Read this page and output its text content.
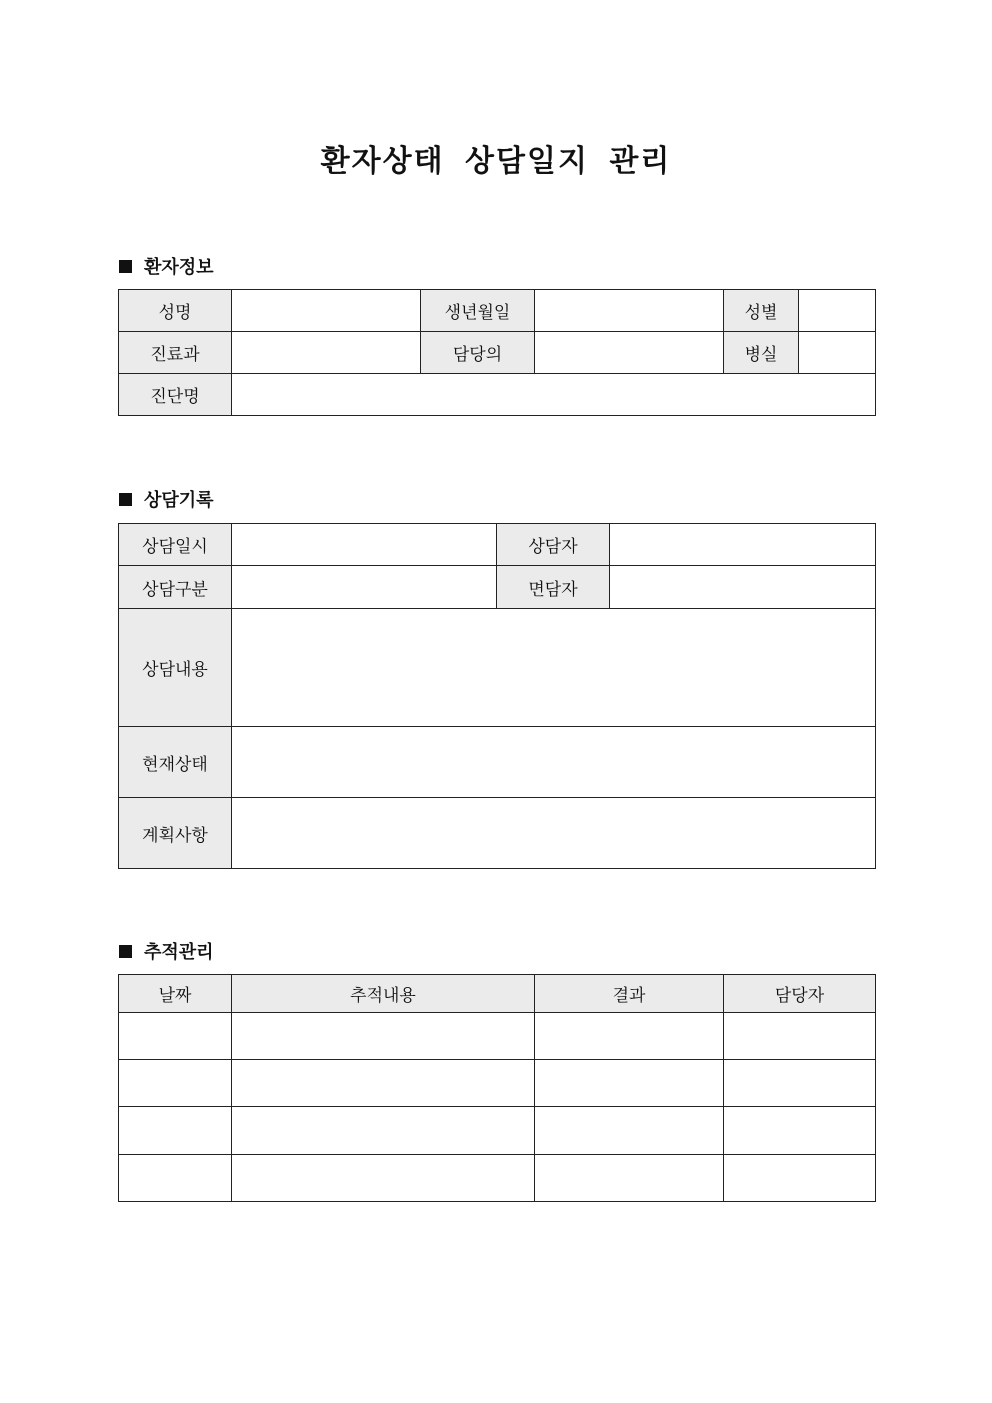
환자상태 상담일지 관리
환자정보
성명		생년월일		성별	
진료과		담당의		병실	
진단명					
상담기록
상담일시		상담자	
상담구분		면담자	
상담내용			
현재상태			
계획사항			
추적관리
날짜	추적내용	결과	담당자
